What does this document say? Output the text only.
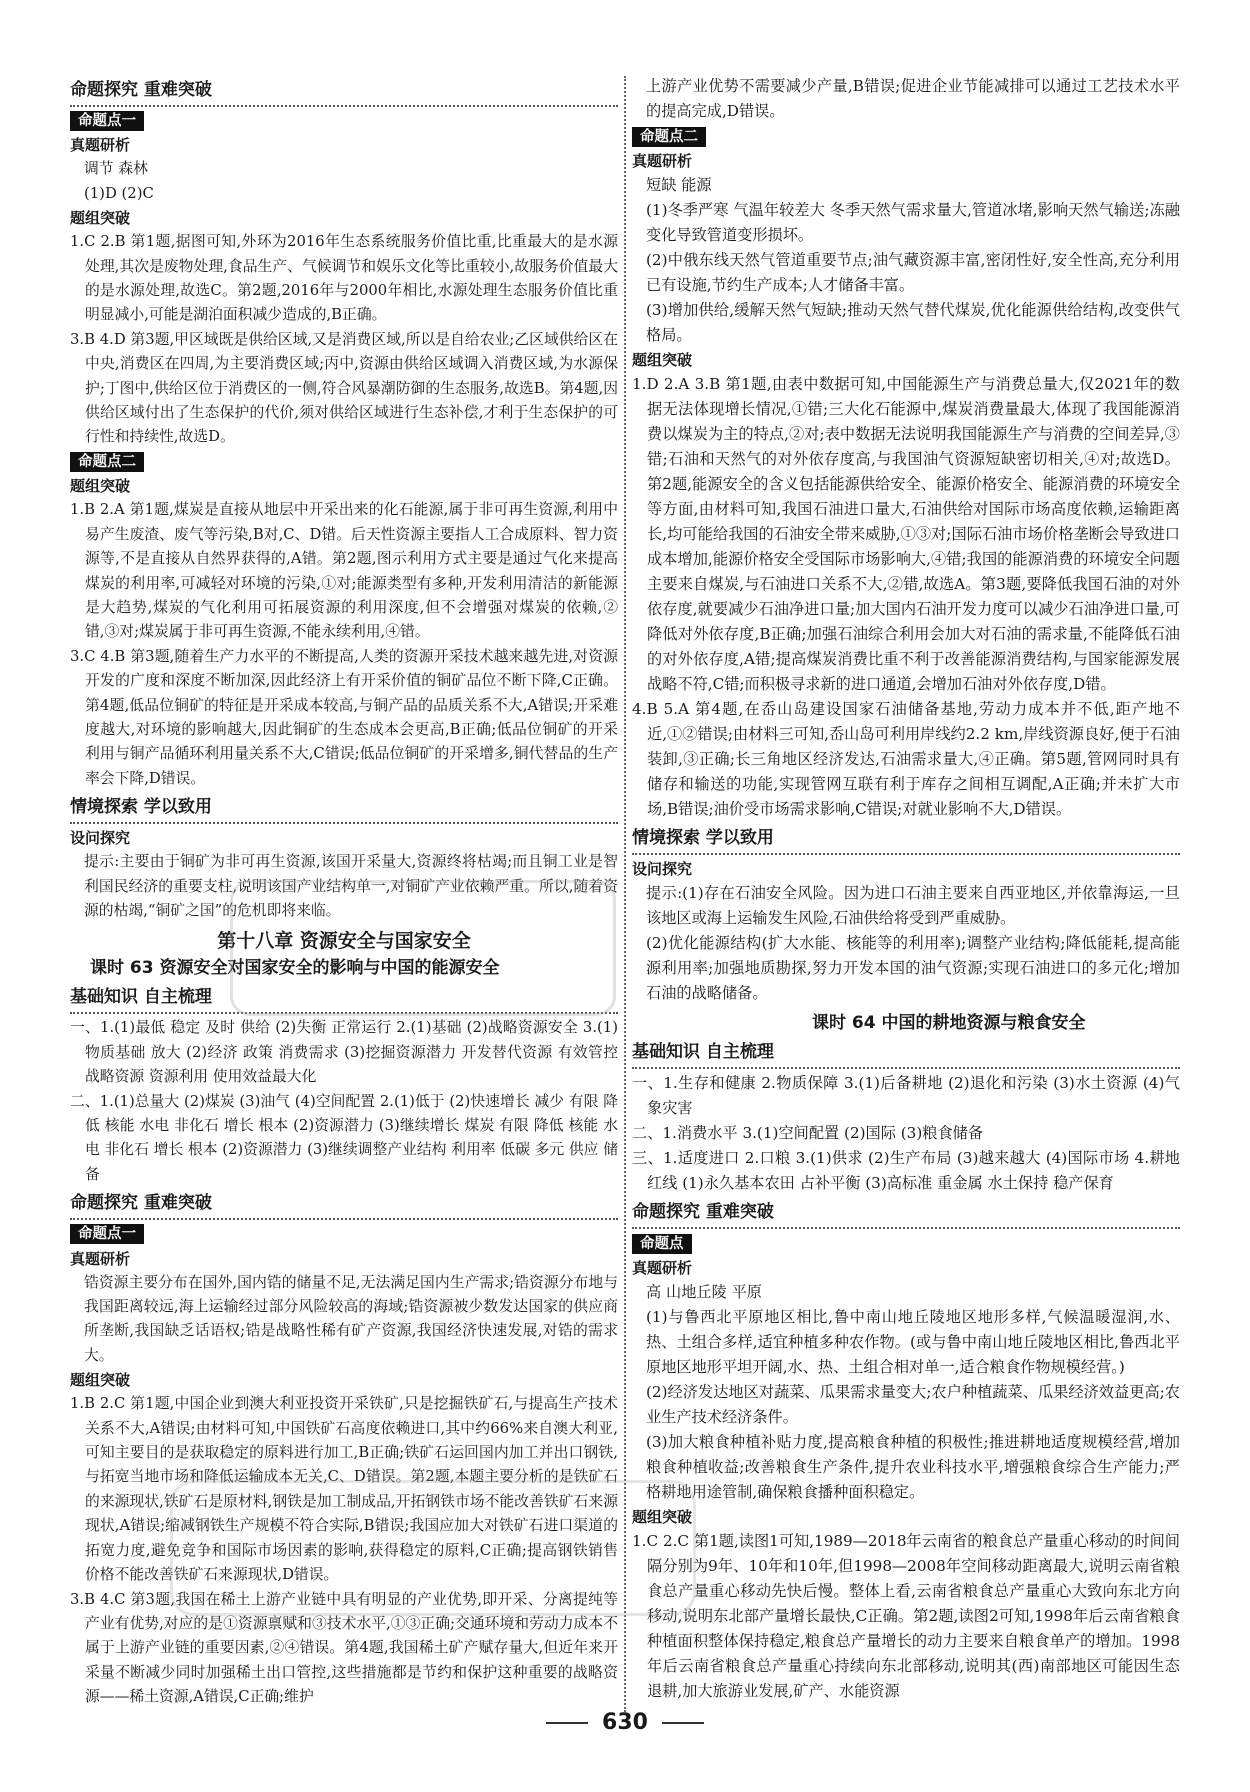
命题探究 重难突破
命题点一
真题研析

调节 森林

(1)D (2)C

题组突破

1.C 2.B 第1题,据图可知,外环为2016年生态系统服务价值比重,比重最大的是水源处理,其次是废物处理,食品生产、气候调节和娱乐文化等比重较小,故服务价值最大的是水源处理,故选C。第2题,2016年与2000年相比,水源处理生态服务价值比重明显减小,可能是湖泊面积减少造成的,B正确。

3.B 4.D 第3题,甲区域既是供给区域,又是消费区域,所以是自给农业;乙区域供给区在中央,消费区在四周,为主要消费区域;丙中,资源由供给区域调入消费区域,为水源保护;丁图中,供给区位于消费区的一侧,符合风暴潮防御的生态服务,故选B。第4题,因供给区域付出了生态保护的代价,须对供给区域进行生态补偿,才利于生态保护的可行性和持续性,故选D。

命题点二
题组突破

1.B 2.A 第1题,煤炭是直接从地层中开采出来的化石能源,属于非可再生资源,利用中易产生废渣、废气等污染,B对,C、D错。后天性资源主要指人工合成原料、智力资源等,不是直接从自然界获得的,A错。第2题,图示利用方式主要是通过气化来提高煤炭的利用率,可减轻对环境的污染,①对;能源类型有多种,开发利用清洁的新能源是大趋势,煤炭的气化利用可拓展资源的利用深度,但不会增强对煤炭的依赖,②错,③对;煤炭属于非可再生资源,不能永续利用,④错。

3.C 4.B 第3题,随着生产力水平的不断提高,人类的资源开采技术越来越先进,对资源开发的广度和深度不断加深,因此经济上有开采价值的铜矿品位不断下降,C正确。第4题,低品位铜矿的特征是开采成本较高,与铜产品的品质关系不大,A错误;开采难度越大,对环境的影响越大,因此铜矿的生态成本会更高,B正确;低品位铜矿的开采利用与铜产品循环利用量关系不大,C错误;低品位铜矿的开采增多,铜代替品的生产率会下降,D错误。

情境探索 学以致用
设问探究

提示:主要由于铜矿为非可再生资源,该国开采量大,资源终将枯竭;而且铜工业是智利国民经济的重要支柱,说明该国产业结构单一,对铜矿产业依赖严重。所以,随着资源的枯竭,“铜矿之国”的危机即将来临。

第十八章 资源安全与国家安全
课时 63 资源安全对国家安全的影响与中国的能源安全
基础知识 自主梳理

一、1.(1)最低 稳定 及时 供给 (2)失衡 正常运行 2.(1)基础 (2)战略资源安全 3.(1)物质基础 放大 (2)经济 政策 消费需求 (3)挖掘资源潜力 开发替代资源 有效管控战略资源 资源利用 使用效益最大化

二、1.(1)总量大 (2)煤炭 (3)油气 (4)空间配置 2.(1)低于 (2)快速增长 减少 有限 降低 核能 水电 非化石 增长 根本 (2)资源潜力 (3)继续增长 煤炭 有限 降低 核能 水电 非化石 增长 根本 (2)资源潜力 (3)继续调整产业结构 利用率 低碳 多元 供应 储备

命题探究 重难突破
命题点一
真题研析

锆资源主要分布在国外,国内锆的储量不足,无法满足国内生产需求;锆资源分布地与我国距离较远,海上运输经过部分风险较高的海域;锆资源被少数发达国家的供应商所垄断,我国缺乏话语权;锆是战略性稀有矿产资源,我国经济快速发展,对锆的需求大。

题组突破

1.B 2.C 第1题,中国企业到澳大利亚投资开采铁矿,只是挖掘铁矿石,与提高生产技术关系不大,A错误;由材料可知,中国铁矿石高度依赖进口,其中约66%来自澳大利亚,可知主要目的是获取稳定的原料进行加工,B正确;铁矿石运回国内加工并出口钢铁,与拓宽当地市场和降低运输成本无关,C、D错误。第2题,本题主要分析的是铁矿石的来源现状,铁矿石是原材料,钢铁是加工制成品,开拓钢铁市场不能改善铁矿石来源现状,A错误;缩减钢铁生产规模不符合实际,B错误;我国应加大对铁矿石进口渠道的拓宽力度,避免竞争和国际市场因素的影响,获得稳定的原料,C正确;提高钢铁销售价格不能改善铁矿石来源现状,D错误。

3.B 4.C 第3题,我国在稀土上游产业链中具有明显的产业优势,即开采、分离提纯等产业有优势,对应的是①资源禀赋和③技术水平,①③正确;交通环境和劳动力成本不属于上游产业链的重要因素,②④错误。第4题,我国稀土矿产赋存量大,但近年来开采量不断减少同时加强稀土出口管控,这些措施都是节约和保护这种重要的战略资源——稀土资源,A错误,C正确;维护

上游产业优势不需要减少产量,B错误;促进企业节能减排可以通过工艺技术水平的提高完成,D错误。

命题点二
真题研析

短缺 能源

(1)冬季严寒 气温年较差大 冬季天然气需求量大,管道冰堵,影响天然气输送;冻融变化导致管道变形损坏。

(2)中俄东线天然气管道重要节点;油气藏资源丰富,密闭性好,安全性高,充分利用已有设施,节约生产成本;人才储备丰富。

(3)增加供给,缓解天然气短缺;推动天然气替代煤炭,优化能源供给结构,改变供气格局。

题组突破

1.D 2.A 3.B 第1题,由表中数据可知,中国能源生产与消费总量大,仅2021年的数据无法体现增长情况,①错;三大化石能源中,煤炭消费量最大,体现了我国能源消费以煤炭为主的特点,②对;表中数据无法说明我国能源生产与消费的空间差异,③错;石油和天然气的对外依存度高,与我国油气资源短缺密切相关,④对;故选D。第2题,能源安全的含义包括能源供给安全、能源价格安全、能源消费的环境安全等方面,由材料可知,我国石油进口量大,石油供给对国际市场高度依赖,运输距离长,均可能给我国的石油安全带来威胁,①③对;国际石油市场价格垄断会导致进口成本增加,能源价格安全受国际市场影响大,④错;我国的能源消费的环境安全问题主要来自煤炭,与石油进口关系不大,②错,故选A。第3题,要降低我国石油的对外依存度,就要减少石油净进口量;加大国内石油开发力度可以减少石油净进口量,可降低对外依存度,B正确;加强石油综合利用会加大对石油的需求量,不能降低石油的对外依存度,A错;提高煤炭消费比重不利于改善能源消费结构,与国家能源发展战略不符,C错;而积极寻求新的进口通道,会增加石油对外依存度,D错。

4.B 5.A 第4题,在岙山岛建设国家石油储备基地,劳动力成本并不低,距产地不近,①②错误;由材料三可知,岙山岛可利用岸线约2.2 km,岸线资源良好,便于石油装卸,③正确;长三角地区经济发达,石油需求量大,④正确。第5题,管网同时具有储存和输送的功能,实现管网互联有利于库存之间相互调配,A正确;并未扩大市场,B错误;油价受市场需求影响,C错误;对就业影响不大,D错误。

情境探索 学以致用
设问探究

提示:(1)存在石油安全风险。因为进口石油主要来自西亚地区,并依靠海运,一旦该地区或海上运输发生风险,石油供给将受到严重威胁。

(2)优化能源结构(扩大水能、核能等的利用率);调整产业结构;降低能耗,提高能源利用率;加强地质勘探,努力开发本国的油气资源;实现石油进口的多元化;增加石油的战略储备。

课时 64 中国的耕地资源与粮食安全
基础知识 自主梳理

一、1.生存和健康 2.物质保障 3.(1)后备耕地 (2)退化和污染 (3)水土资源 (4)气象灾害

二、1.消费水平 3.(1)空间配置 (2)国际 (3)粮食储备

三、1.适度进口 2.口粮 3.(1)供求 (2)生产布局 (3)越来越大 (4)国际市场 4.耕地红线 (1)永久基本农田 占补平衡 (3)高标准 重金属 水土保持 稳产保育

命题探究 重难突破
命题点
真题研析

高 山地丘陵 平原

(1)与鲁西北平原地区相比,鲁中南山地丘陵地区地形多样,气候温暖湿润,水、热、土组合多样,适宜种植多种农作物。(或与鲁中南山地丘陵地区相比,鲁西北平原地区地形平坦开阔,水、热、土组合相对单一,适合粮食作物规模经营。)

(2)经济发达地区对蔬菜、瓜果需求量变大;农户种植蔬菜、瓜果经济效益更高;农业生产技术经济条件。

(3)加大粮食种植补贴力度,提高粮食种植的积极性;推进耕地适度规模经营,增加粮食种植收益;改善粮食生产条件,提升农业科技水平,增强粮食综合生产能力;严格耕地用途管制,确保粮食播种面积稳定。

题组突破

1.C 2.C 第1题,读图1可知,1989—2018年云南省的粮食总产量重心移动的时间间隔分别为9年、10年和10年,但1998—2008年空间移动距离最大,说明云南省粮食总产量重心移动先快后慢。整体上看,云南省粮食总产量重心大致向东北方向移动,说明东北部产量增长最快,C正确。第2题,读图2可知,1998年后云南省粮食种植面积整体保持稳定,粮食总产量增长的动力主要来自粮食单产的增加。1998年后云南省粮食总产量重心持续向东北部移动,说明其(西)南部地区可能因生态退耕,加大旅游业发展,矿产、水能资源

630
